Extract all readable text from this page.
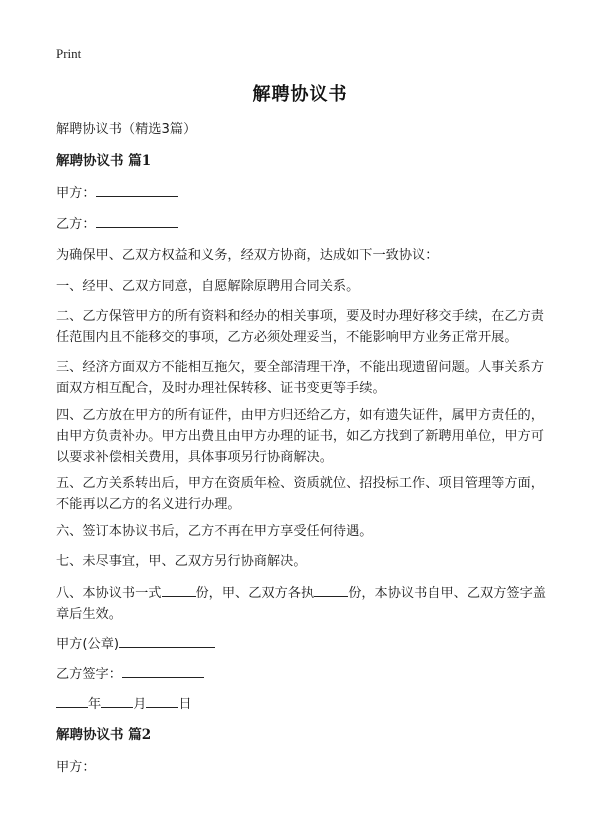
Print
解聘协议书
解聘协议书（精选3篇）
解聘协议书 篇1
甲方：
乙方：
为确保甲、乙双方权益和义务，经双方协商，达成如下一致协议：
一、经甲、乙双方同意，自愿解除原聘用合同关系。
二、乙方保管甲方的所有资料和经办的相关事项，要及时办理好移交手续，在乙方责任范围内且不能移交的事项，乙方必须处理妥当，不能影响甲方业务正常开展。
三、经济方面双方不能相互拖欠，要全部清理干净，不能出现遗留问题。人事关系方面双方相互配合，及时办理社保转移、证书变更等手续。
四、乙方放在甲方的所有证件，由甲方归还给乙方，如有遗失证件，属甲方责任的，由甲方负责补办。甲方出费且由甲方办理的证书，如乙方找到了新聘用单位，甲方可以要求补偿相关费用，具体事项另行协商解决。
五、乙方关系转出后，甲方在资质年检、资质就位、招投标工作、项目管理等方面，不能再以乙方的名义进行办理。
六、签订本协议书后，乙方不再在甲方享受任何待遇。
七、未尽事宜，甲、乙双方另行协商解决。
八、本协议书一式	份，甲、乙双方各执	份，本协议书自甲、乙双方签字盖章后生效。
甲方(公章)
乙方签字：
年 月 日
解聘协议书 篇2
甲方：
